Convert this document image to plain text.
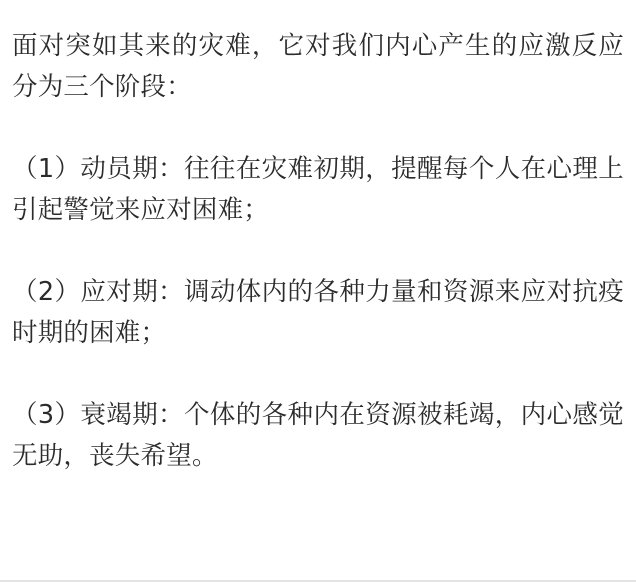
面对突如其来的灾难，它对我们内心产生的应激反应分为三个阶段：

（1）动员期：往往在灾难初期，提醒每个人在心理上引起警觉来应对困难；

（2）应对期：调动体内的各种力量和资源来应对抗疫时期的困难；

（3）衰竭期：个体的各种内在资源被耗竭，内心感觉无助，丧失希望。
